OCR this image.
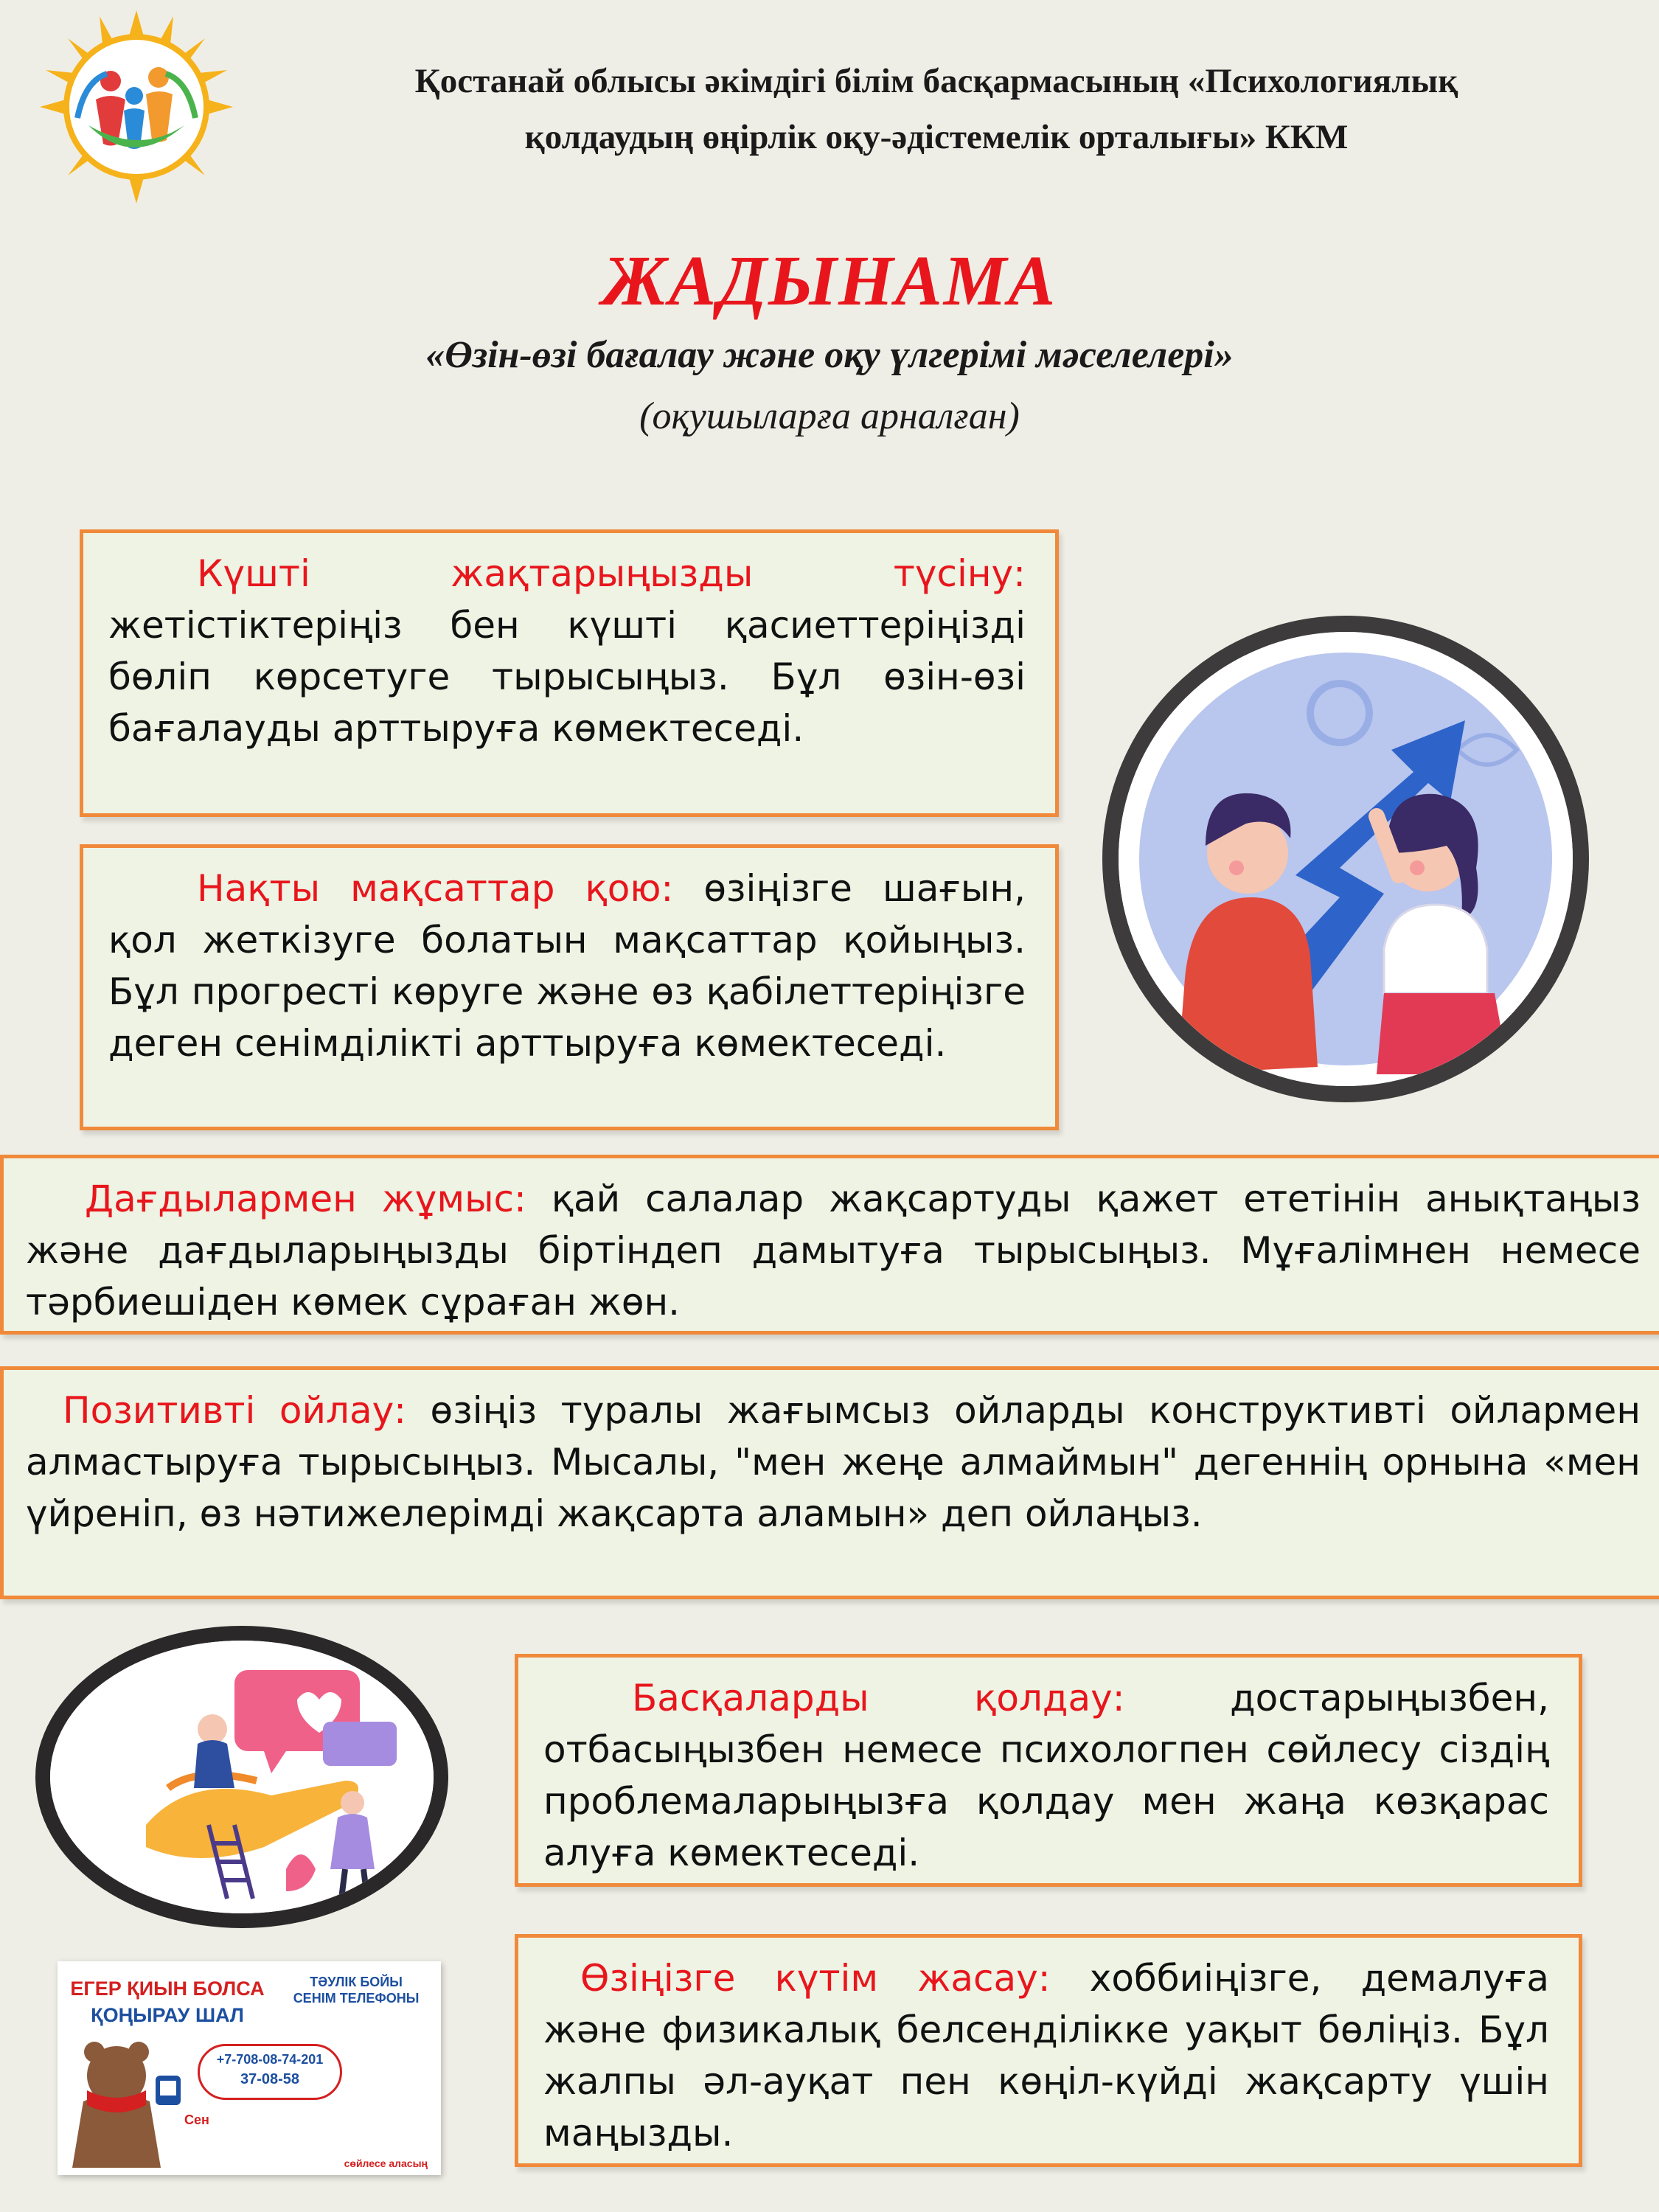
Қостанай облысы әкімдігі білім басқармасының «Психологиялық
қолдаудың өңірлік оқу-әдістемелік орталығы» ККМ
ЖАДЫНАМА
«Өзін-өзі бағалау және оқу үлгерімі мәселелері»
(оқушыларға арналған)
Күшті жақтарыңызды түсіну: жетістіктеріңіз бен күшті қасиеттеріңізді бөліп көрсетуге тырысыңыз. Бұл өзін-өзі бағалауды арттыруға көмектеседі.
Нақты мақсаттар қою: өзіңізге шағын, қол жеткізуге болатын мақсаттар қойыңыз. Бұл прогресті көруге және өз қабілеттеріңізге деген сенімділікті арттыруға көмектеседі.
Дағдылармен жұмыс: қай салалар жақсартуды қажет ететінін анықтаңыз және дағдыларыңызды біртіндеп дамытуға тырысыңыз. Мұғалімнен немесе тәрбиешіден көмек сұраған жөн.
Позитивті ойлау: өзіңіз туралы жағымсыз ойларды конструктивті ойлармен алмастыруға тырысыңыз. Мысалы, "мен жеңе алмаймын" дегеннің орнына «мен үйреніп, өз нәтижелерімді жақсарта аламын» деп ойлаңыз.
Басқаларды қолдау: достарыңызбен, отбасыңызбен немесе психологпен сөйлесу сіздің проблемаларыңызға қолдау мен жаңа көзқарас алуға көмектеседі.
ЕГЕР ҚИЫН БОЛСА
ҚОҢЫРАУ ШАЛ
ТӘУЛІК БОЙЫ
СЕНІМ ТЕЛЕФОНЫ
+7-708-08-74-201
37-08-58
Сен
сөйлесе аласың
Өзіңізге күтім жасау: хоббиіңізге, демалуға және физикалық белсенділікке уақыт бөліңіз. Бұл жалпы әл-ауқат пен көңіл-күйді жақсарту үшін маңызды.
